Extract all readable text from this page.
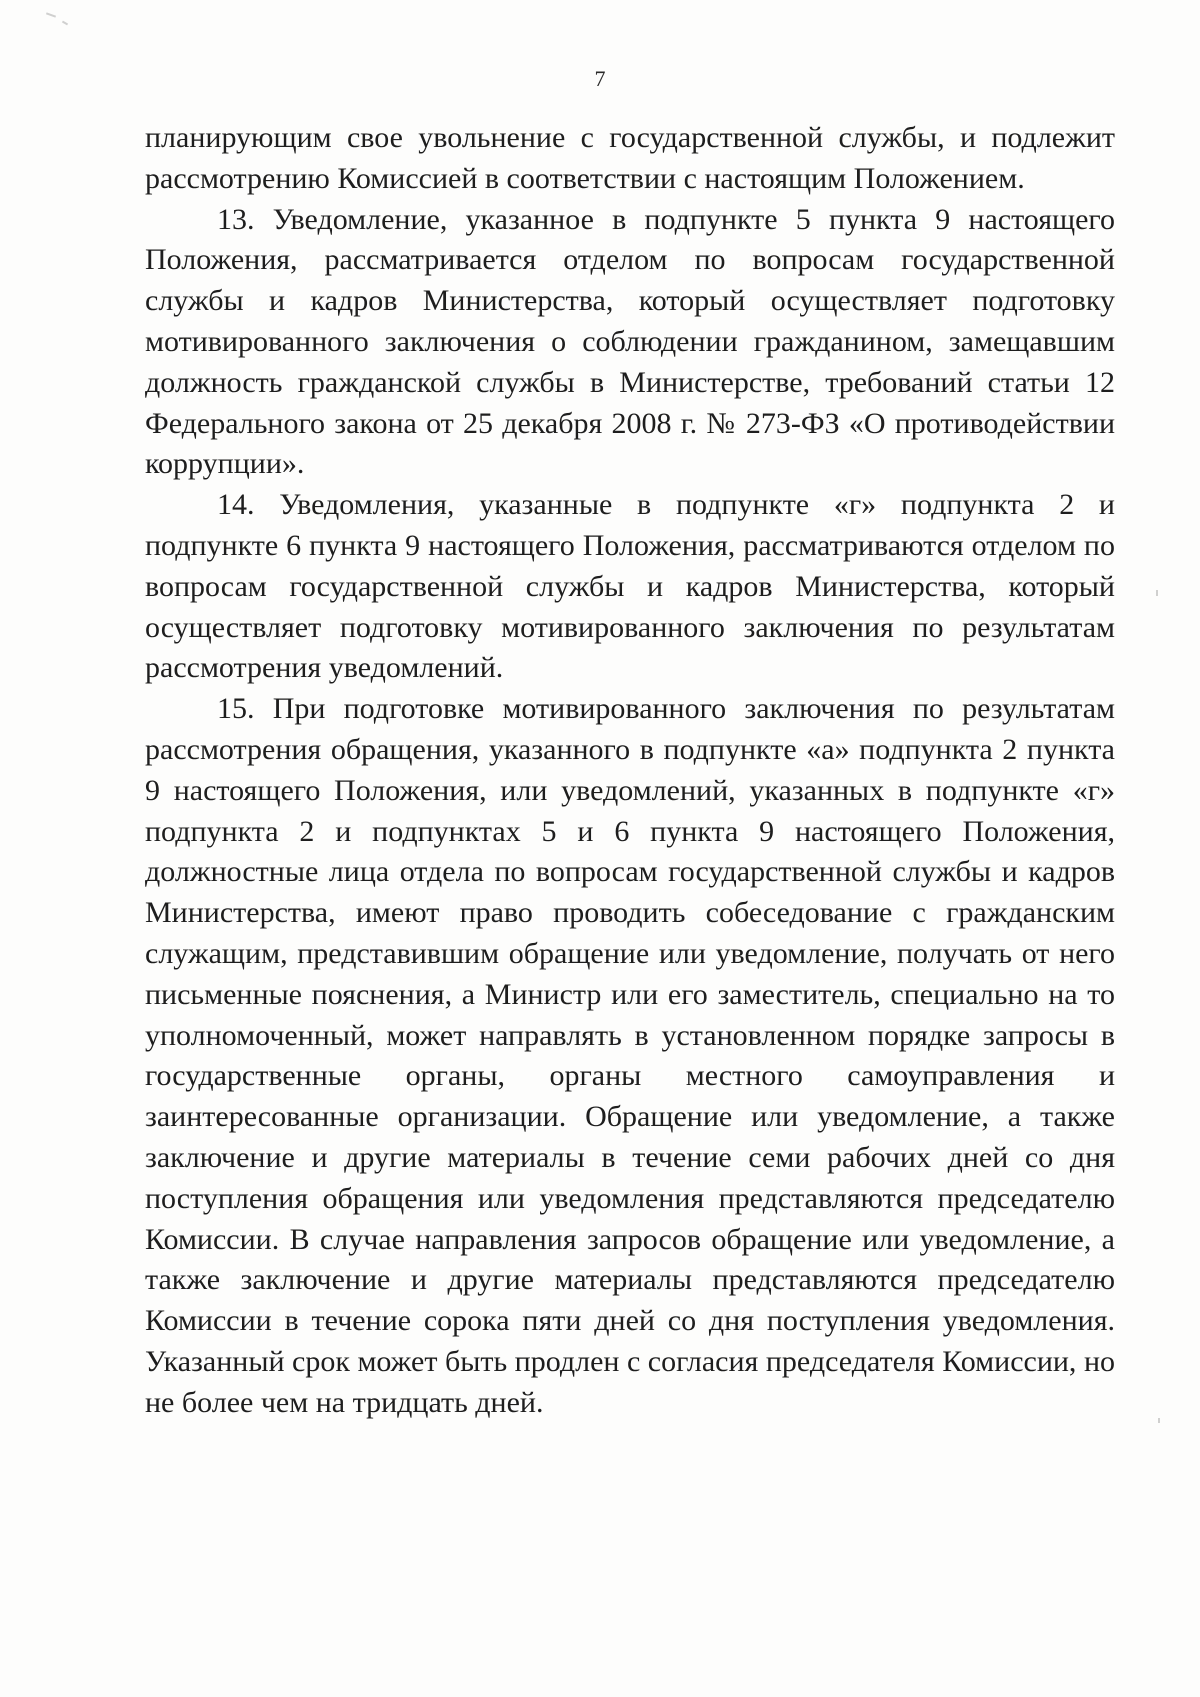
7

планирующим свое увольнение с государственной службы, и подлежит рассмотрению Комиссией в соответствии с настоящим Положением.

13. Уведомление, указанное в подпункте 5 пункта 9 настоящего Положения, рассматривается отделом по вопросам государственной службы и кадров Министерства, который осуществляет подготовку мотивированного заключения о соблюдении гражданином, замещавшим должность гражданской службы в Министерстве, требований статьи 12 Федерального закона от 25 декабря 2008 г. № 273-ФЗ «О противодействии коррупции».

14. Уведомления, указанные в подпункте «г» подпункта 2 и подпункте 6 пункта 9 настоящего Положения, рассматриваются отделом по вопросам государственной службы и кадров Министерства, который осуществляет подготовку мотивированного заключения по результатам рассмотрения уведомлений.

15. При подготовке мотивированного заключения по результатам рассмотрения обращения, указанного в подпункте «а» подпункта 2 пункта 9 настоящего Положения, или уведомлений, указанных в подпункте «г» подпункта 2 и подпунктах 5 и 6 пункта 9 настоящего Положения, должностные лица отдела по вопросам государственной службы и кадров Министерства, имеют право проводить собеседование с гражданским служащим, представившим обращение или уведомление, получать от него письменные пояснения, а Министр или его заместитель, специально на то уполномоченный, может направлять в установленном порядке запросы в государственные органы, органы местного самоуправления и заинтересованные организации. Обращение или уведомление, а также заключение и другие материалы в течение семи рабочих дней со дня поступления обращения или уведомления представляются председателю Комиссии. В случае направления запросов обращение или уведомление, а также заключение и другие материалы представляются председателю Комиссии в течение сорока пяти дней со дня поступления уведомления. Указанный срок может быть продлен с согласия председателя Комиссии, но не более чем на тридцать дней.
